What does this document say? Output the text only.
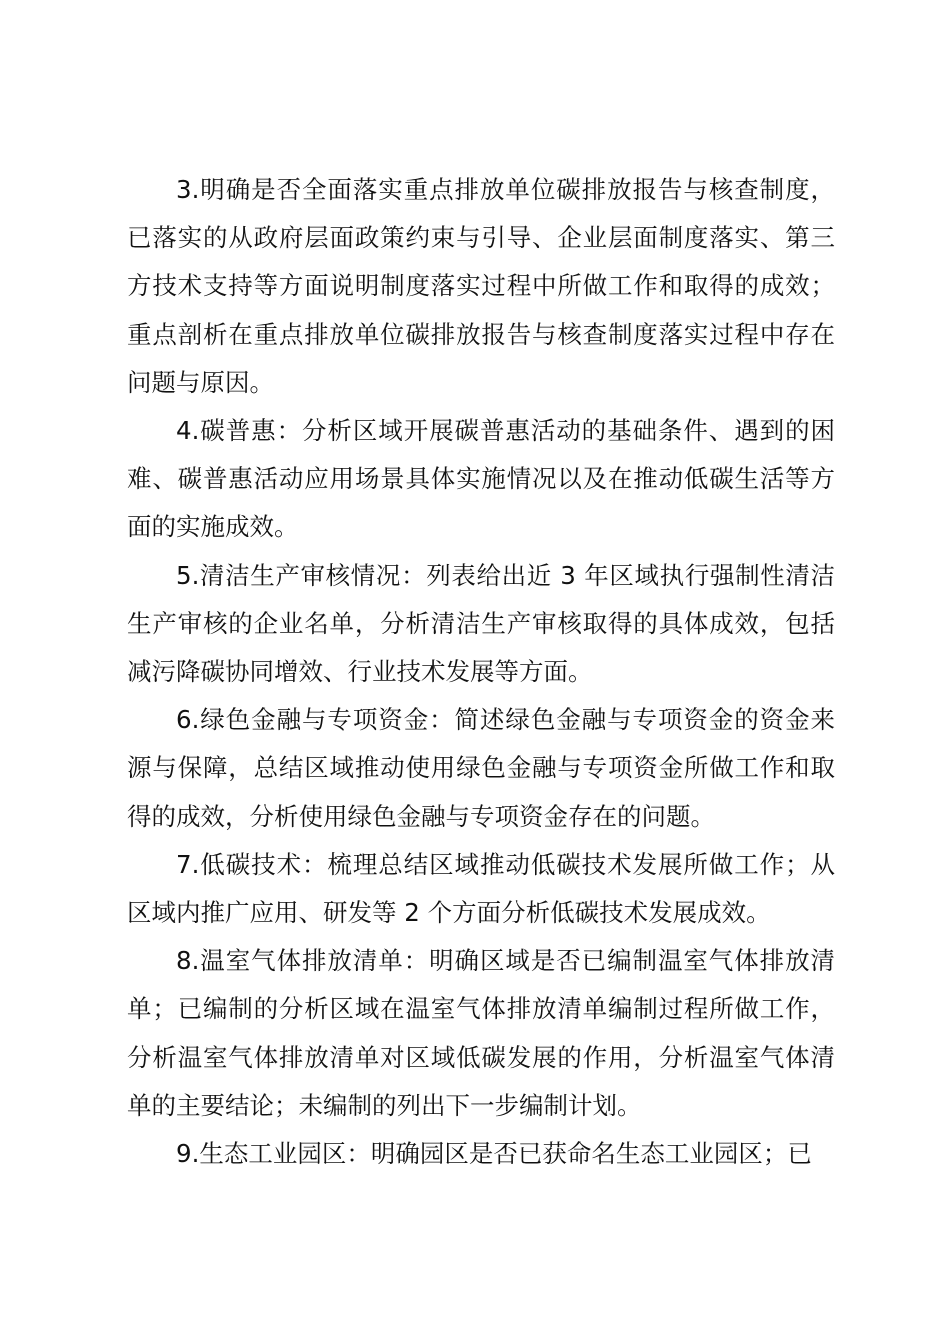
3.明确是否全面落实重点排放单位碳排放报告与核查制度，已落实的从政府层面政策约束与引导、企业层面制度落实、第三方技术支持等方面说明制度落实过程中所做工作和取得的成效；重点剖析在重点排放单位碳排放报告与核查制度落实过程中存在问题与原因。

4.碳普惠：分析区域开展碳普惠活动的基础条件、遇到的困难、碳普惠活动应用场景具体实施情况以及在推动低碳生活等方面的实施成效。

5.清洁生产审核情况：列表给出近 3 年区域执行强制性清洁生产审核的企业名单，分析清洁生产审核取得的具体成效，包括减污降碳协同增效、行业技术发展等方面。

6.绿色金融与专项资金：简述绿色金融与专项资金的资金来源与保障，总结区域推动使用绿色金融与专项资金所做工作和取得的成效，分析使用绿色金融与专项资金存在的问题。

7.低碳技术：梳理总结区域推动低碳技术发展所做工作；从区域内推广应用、研发等 2 个方面分析低碳技术发展成效。

8.温室气体排放清单：明确区域是否已编制温室气体排放清单；已编制的分析区域在温室气体排放清单编制过程所做工作，分析温室气体排放清单对区域低碳发展的作用，分析温室气体清单的主要结论；未编制的列出下一步编制计划。

9.生态工业园区：明确园区是否已获命名生态工业园区；已
